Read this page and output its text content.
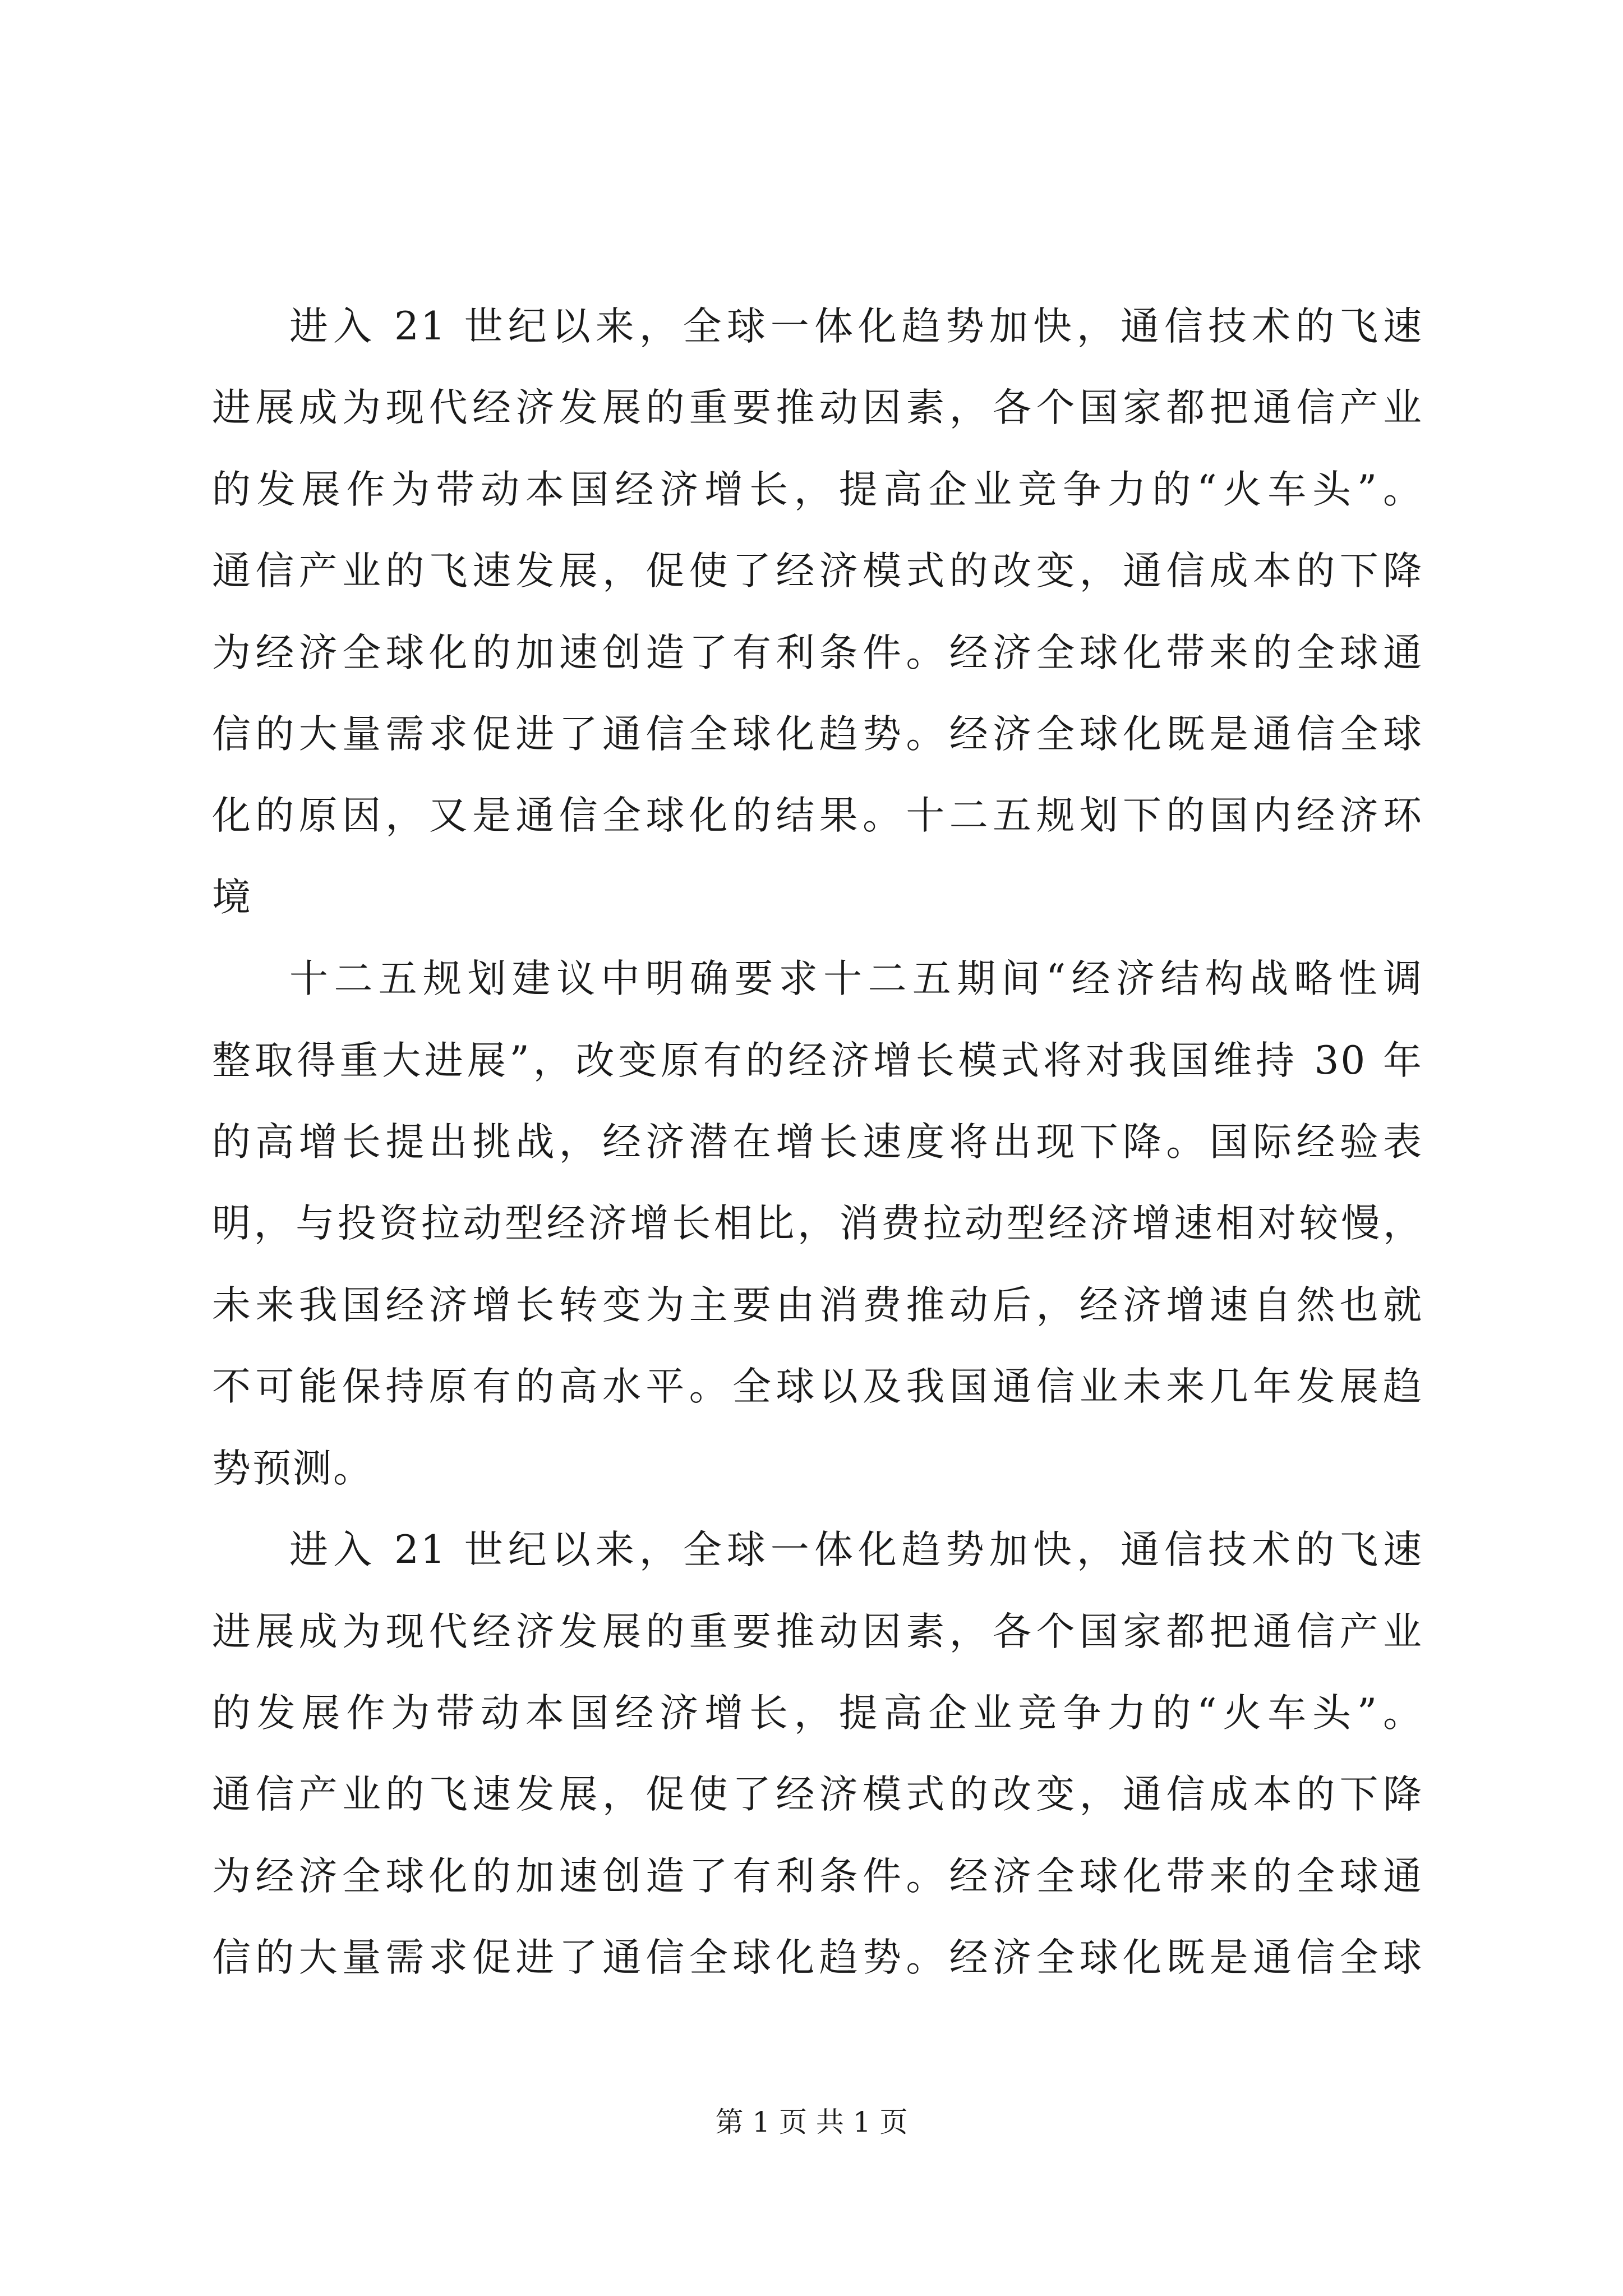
进入 21 世纪以来，全球一体化趋势加快，通信技术的飞速
进展成为现代经济发展的重要推动因素，各个国家都把通信产业
的发展作为带动本国经济增长，提高企业竞争力的“火车头”。
通信产业的飞速发展，促使了经济模式的改变，通信成本的下降
为经济全球化的加速创造了有利条件。经济全球化带来的全球通
信的大量需求促进了通信全球化趋势。经济全球化既是通信全球
化的原因，又是通信全球化的结果。十二五规划下的国内经济环
境

十二五规划建议中明确要求十二五期间“经济结构战略性调
整取得重大进展”，改变原有的经济增长模式将对我国维持 30 年
的高增长提出挑战，经济潜在增长速度将出现下降。国际经验表
明，与投资拉动型经济增长相比，消费拉动型经济增速相对较慢，
未来我国经济增长转变为主要由消费推动后，经济增速自然也就
不可能保持原有的高水平。全球以及我国通信业未来几年发展趋
势预测。

进入 21 世纪以来，全球一体化趋势加快，通信技术的飞速
进展成为现代经济发展的重要推动因素，各个国家都把通信产业
的发展作为带动本国经济增长，提高企业竞争力的“火车头”。
通信产业的飞速发展，促使了经济模式的改变，通信成本的下降
为经济全球化的加速创造了有利条件。经济全球化带来的全球通
信的大量需求促进了通信全球化趋势。经济全球化既是通信全球

第 1 页 共 1 页
